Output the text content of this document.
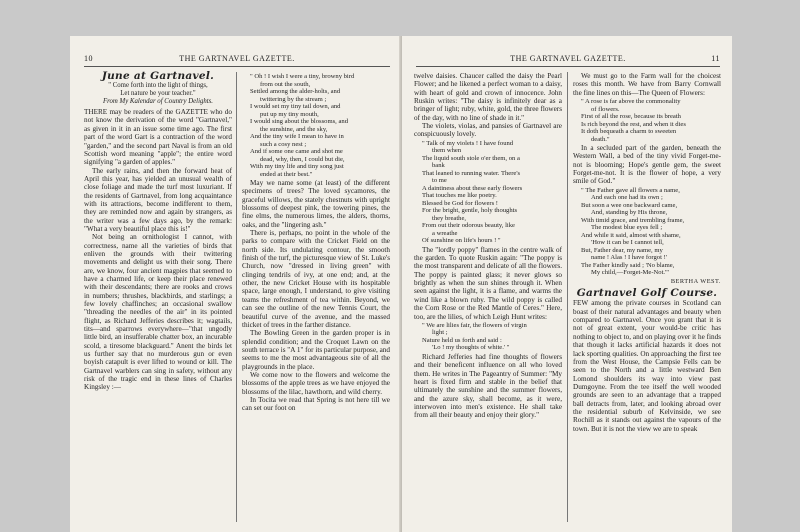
10	THE GARTNAVEL GAZETTE.
June at Gartnavel.
" Come forth into the light of things,
Let nature be your teacher."
From My Kalendar of Country Delights.

THERE may be readers of the GAZETTE who do not know the derivation of the word "Gartnavel," as given in it in an issue some time ago. The first part of the word Gart is a contraction of the word "garden," and the second part Naval is from an old Scottish word meaning "apple"; the entire word signifying "a garden of apples."

The early rains, and then the forward heat of April this year, has yielded an unusual wealth of close foliage and made the turf most luxuriant. If the residents of Gartnavel, from long acquaintance with its attractions, become indifferent to them, they are reminded now and again by strangers, as the writer was a few days ago, by the remark: "What a very beautiful place this is!"

Not being an ornithologist I cannot, with correctness, name all the varieties of birds that enliven the grounds with their twittering movements and delight us with their song. There are, we know, four ancient magpies that seemed to have a charmed life, or keep their place renewed with their descendants; there are rooks and crows in numbers; thrushes, blackbirds, and starlings; a few lovely chaffinches; an occasional swallow "threading the needles of the air" in its pointed flight, as Richard Jefferies describes it; wagtails, tits—and sparrows everywhere—"that ungodly little bird, an insufferable chatter box, an incurable scold, a tiresome blackguard." Anent the birds let us further say that no murderous gun or even boyish catapult is ever lifted to wound or kill. The Gartnavel warblers can sing in safety, without any risk of the tragic end in these lines of Charles Kingsley :—

" Oh ! I wish I were a tiny, browny bird
from out the south,
Settled among the alder-holts, and
twittering by the stream ;
I would set my tiny tail down, and
put up my tiny mouth,
I would sing about the blossoms, and
the sunshine, and the sky,
And the tiny wife I mean to have in
such a cosy nest ;
And if some one came and shot me
dead, why, then, I could but die,
With my tiny life and tiny song just
ended at their best."

May we name some (at least) of the different specimens of trees? The loved sycamores, the graceful willows, the stately chestnuts with upright blossoms of deepest pink, the towering pines, the fine elms, the numerous limes, the alders, thorns, oaks, and the "lingering ash."

There is, perhaps, no point in the whole of the parks to compare with the Cricket Field on the north side. Its undulating contour, the smooth finish of the turf, the picturesque view of St. Luke's Church, now "dressed in living green" with clinging tendrils of ivy, at one end; and, at the other, the new Cricket House with its hospitable space, large enough, I understand, to give visiting teams the refreshment of tea within. Beyond, we can see the outline of the new Tennis Court, the beautiful curve of the avenue, and the massed thicket of trees in the farther distance.

The Bowling Green in the garden proper is in splendid condition; and the Croquet Lawn on the south terrace is "A 1" for its particular purpose, and seems to me the most advantageous site of all the playgrounds in the place.

We come now to the flowers and welcome the blossoms of the apple trees as we have enjoyed the blossoms of the lilac, hawthorn, and wild cherry.

In Tocita we read that Spring is not here till we can set our foot on

THE GARTNAVEL GAZETTE.	11

twelve daisies. Chaucer called the daisy the Pearl Flower; and he likened a perfect woman to a daisy, with heart of gold and crown of innocence. John Ruskin writes: "The daisy is infinitely dear as a bringer of light; ruby, white, gold, the three flowers of the day, with no line of shade in it."

The violets, violas, and pansies of Gartnavel are conspicuously lovely.

" Talk of my violets ! I have found
them when
The liquid south stole o'er them, on a
bank
That leaned to running water. There's
to me
A daintiness about these early flowers
That touches me like poetry.
Blessed be God for flowers !
For the bright, gentle, holy thoughts
they breathe,
From out their odorous beauty, like
a wreathe
Of sunshine on life's hours ! "

The "lordly poppy" flames in the centre walk of the garden. To quote Ruskin again: "The poppy is the most transparent and delicate of all the flowers. The poppy is painted glass; it never glows so brightly as when the sun shines through it. When seen against the light, it is a flame, and warms the wind like a blown ruby. The wild poppy is called the Corn Rose or the Red Mantle of Ceres." Here, too, are the lilies, of which Leigh Hunt writes:

" We are lilies fair, the flowers of virgin
light ;
Nature held us forth and said :
'Lo ! my thoughts of white.' "

Richard Jefferies had fine thoughts of flowers and their beneficent influence on all who loved them. He writes in The Pageantry of Summer: "My heart is fixed firm and stable in the belief that ultimately the sunshine and the summer flowers, and the azure sky, shall become, as it were, interwoven into men's existence. He shall take from all their beauty and enjoy their glory."

We must go to the Farm wall for the choicest roses this month. We have from Barry Cornwall the fine lines on this—The Queen of Flowers:

" A rose is far above the commonality
of flowers.
First of all the rose, because its breath
Is rich beyond the rest, and when it dies
It doth bequeath a charm to sweeten
death."

In a secluded part of the garden, beneath the Western Wall, a bed of the tiny vivid Forget-me-not is blooming; Hope's gentle gem, the sweet Forget-me-not. It is the flower of hope, a very smile of God."

" The Father gave all flowers a name,
And each one had its own ;
But soon a wee one backward came,
And, standing by His throne,
With timid grace, and trembling frame,
The modest blue eyes fell ;
And while it said, almost with shame,
'How it can be I cannot tell,
But, Father dear, my name, my
name ! Alas ! I have forgot !'
The Father kindly said ; 'No blame,
My child,—Forget-Me-Not.'"
BERTHA WEST.
Gartnavel Golf Course.

FEW among the private courses in Scotland can boast of their natural advantages and beauty when compared to Gartnavel. Once you grant that it is not of great extent, your would-be critic has nothing to object to, and on playing over it he finds that though it lacks artificial hazards it does not lack sporting qualities. On approaching the first tee from the West House, the Campsie Fells can be seen to the North and a little westward Ben Lomond shoulders its way into view past Dumgoyne. From the tee itself the well wooded grounds are seen to an advantage that a trapped ball detracts from, later, and looking abroad over the residential suburb of Kelvinside, we see Rochill as it stands out against the vapours of the town. But it is not the view we are to speak
